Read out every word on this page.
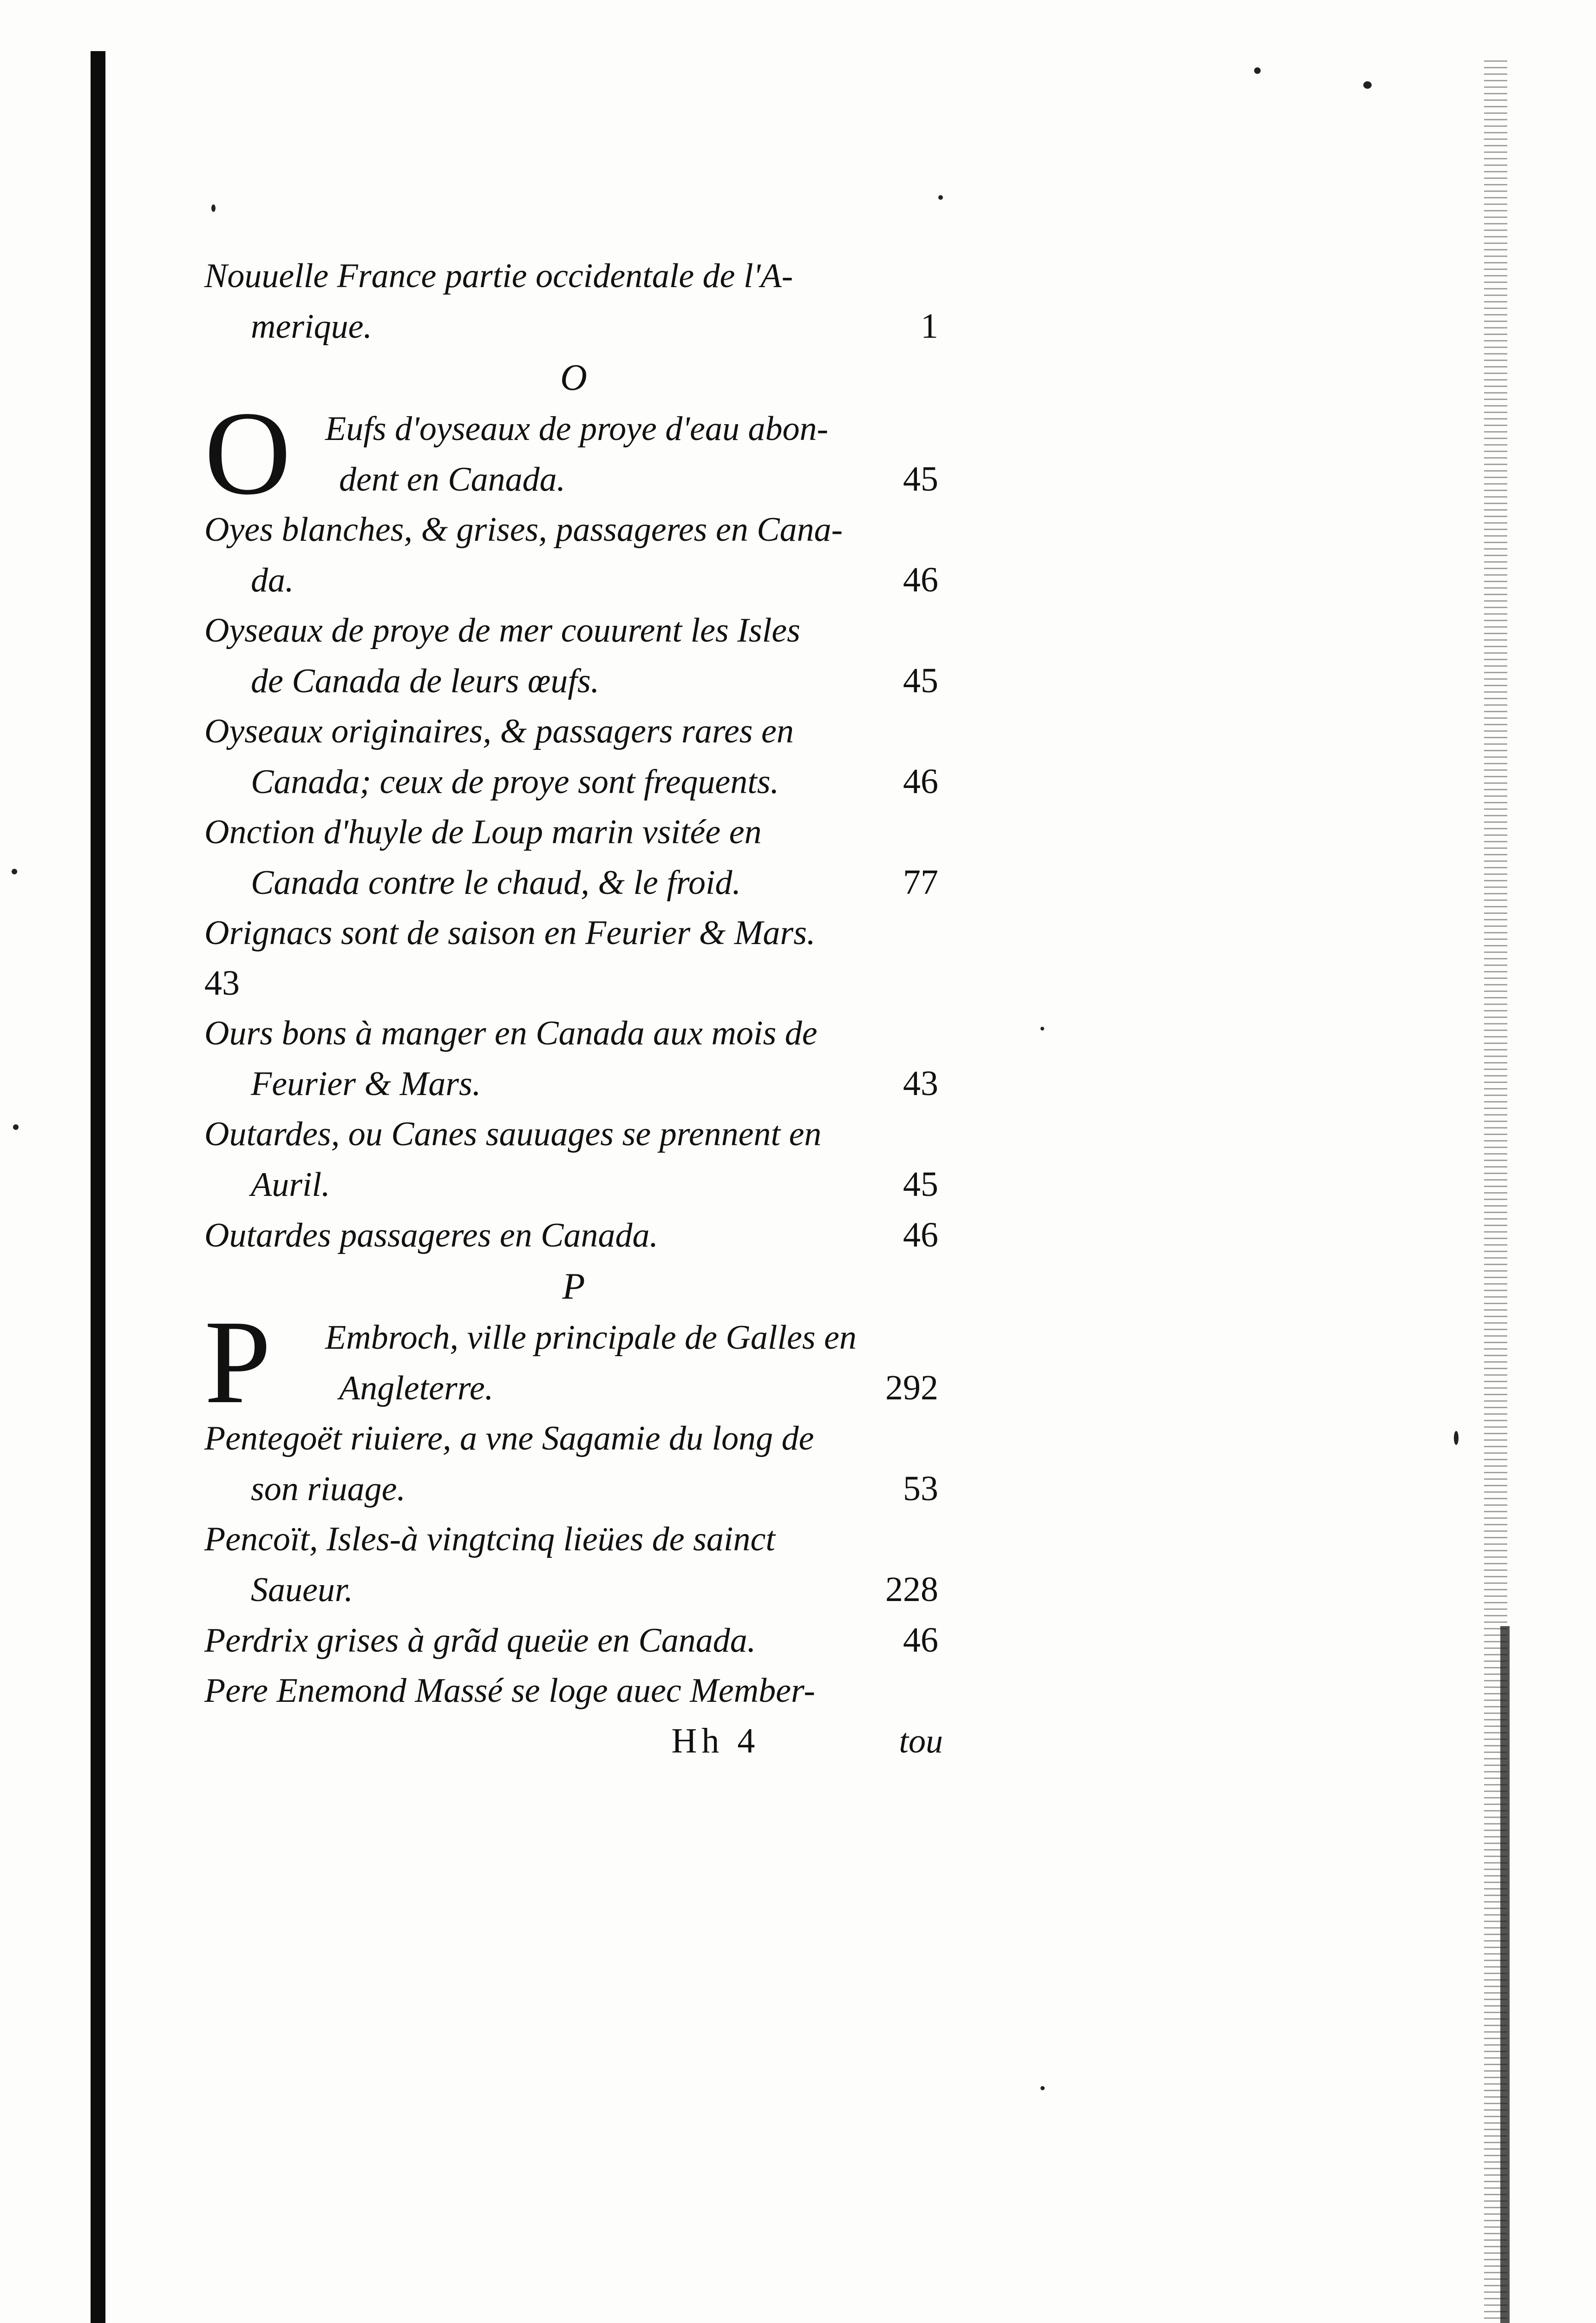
Nouuelle France partie occidentale de l'A-
merique.	1
O
O Eufs d'oyseaux de proye d'eau abon-
dent en Canada.	45
Oyes blanches, & grises, passageres en Cana-
da.	46
Oyseaux de proye de mer couurent les Isles
de Canada de leurs œufs.	45
Oyseaux originaires, & passagers rares en
Canada; ceux de proye sont frequents.	46
Onction d'huyle de Loup marin vsitée en
Canada contre le chaud, & le froid.	77
Orignacs sont de saison en Feurier & Mars.
43
Ours bons à manger en Canada aux mois de
Feurier & Mars.	43
Outardes, ou Canes sauuages se prennent en
Auril.	45
Outardes passageres en Canada.	46
P
P	Embroch, ville principale de Galles en
Angleterre.	292
Pentegoët riuiere, a vne Sagamie du long de
son riuage.	53
Pencoït, Isles-à vingtcinq lieües de sainct
Saueur.	228
Perdrix grises à grãd queüe en Canada.	46
Pere Enemond Massé se loge auec Member-
Hh 4	tou
